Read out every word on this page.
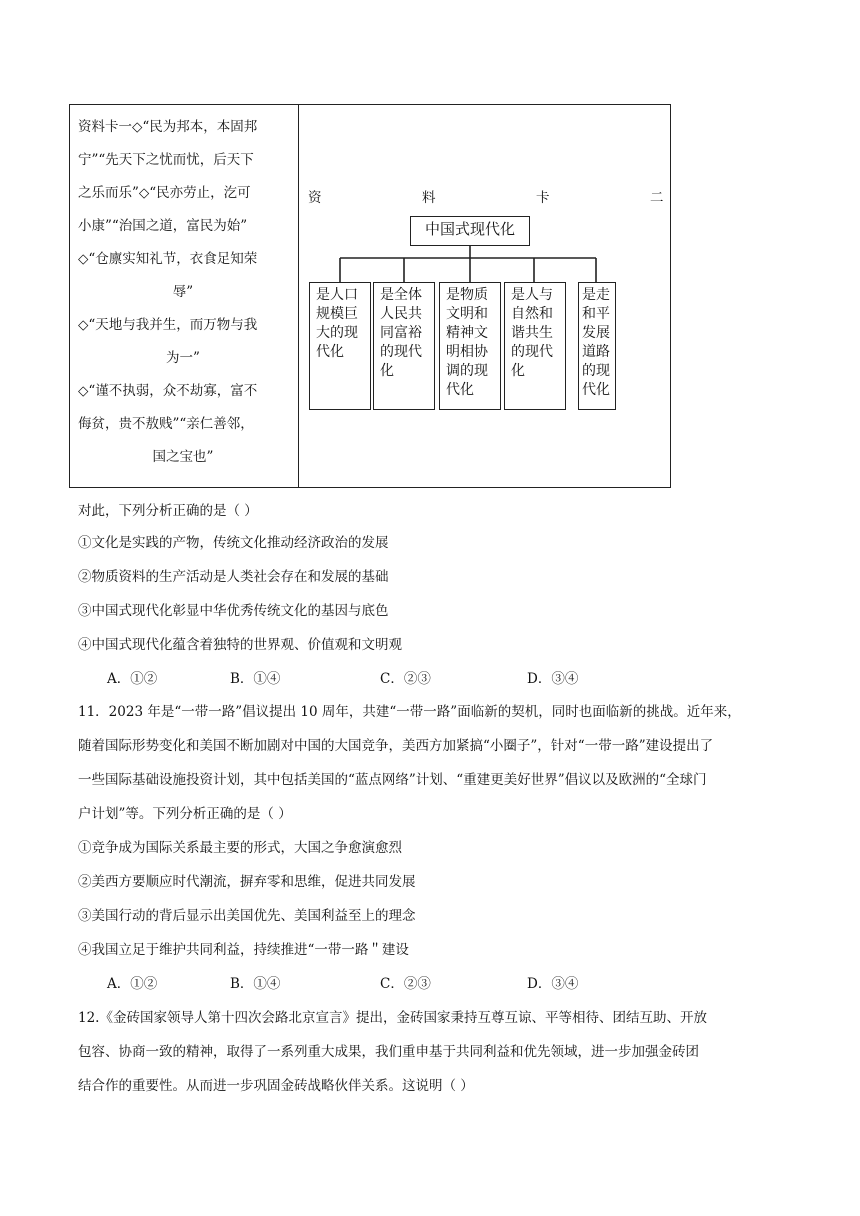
资料卡一◇“民为邦本，本固邦
宁”“先天下之忧而忧，后天下
之乐而乐”◇“民亦劳止，汔可
小康”“治国之道，富民为始”
◇“仓廪实知礼节，衣食足知荣
辱”
◇“天地与我并生，而万物与我
为一”
◇“谨不执弱，众不劫寡，富不
侮贫，贵不敖贱”“亲仁善邻，
国之宝也”
资	料	卡	二
中国式现代化
是人口规模巨大的现代化
是全体人民共同富裕的现代化
是物质文明和精神文明相协调的现代化
是人与自然和谐共生的现代化
是走和平发展道路的现代化
对此，下列分析正确的是（ ）
①文化是实践的产物，传统文化推动经济政治的发展
②物质资料的生产活动是人类社会存在和发展的基础
③中国式现代化彰显中华优秀传统文化的基因与底色
④中国式现代化蕴含着独特的世界观、价值观和文明观
A．①②	B．①④	C．②③	D．③④
11．2023 年是“一带一路”倡议提出 10 周年，共建“一带一路”面临新的契机，同时也面临新的挑战。近年来，
随着国际形势变化和美国不断加剧对中国的大国竞争，美西方加紧搞“小圈子”，针对“一带一路”建设提出了
一些国际基础设施投资计划，其中包括美国的“蓝点网络”计划、“重建更美好世界”倡议以及欧洲的“全球门
户计划”等。下列分析正确的是（ ）
①竞争成为国际关系最主要的形式，大国之争愈演愈烈
②美西方要顺应时代潮流，摒弃零和思维，促进共同发展
③美国行动的背后显示出美国优先、美国利益至上的理念
④我国立足于维护共同利益，持续推进“一带一路＂建设
A．①②	B．①④	C．②③	D．③④
12.《金砖国家领导人第十四次会路北京宣言》提出，金砖国家秉持互尊互谅、平等相待、团结互助、开放
包容、协商一致的精神，取得了一系列重大成果，我们重申基于共同利益和优先领域，进一步加强金砖团
结合作的重要性。从而进一步巩固金砖战略伙伴关系。这说明（ ）
